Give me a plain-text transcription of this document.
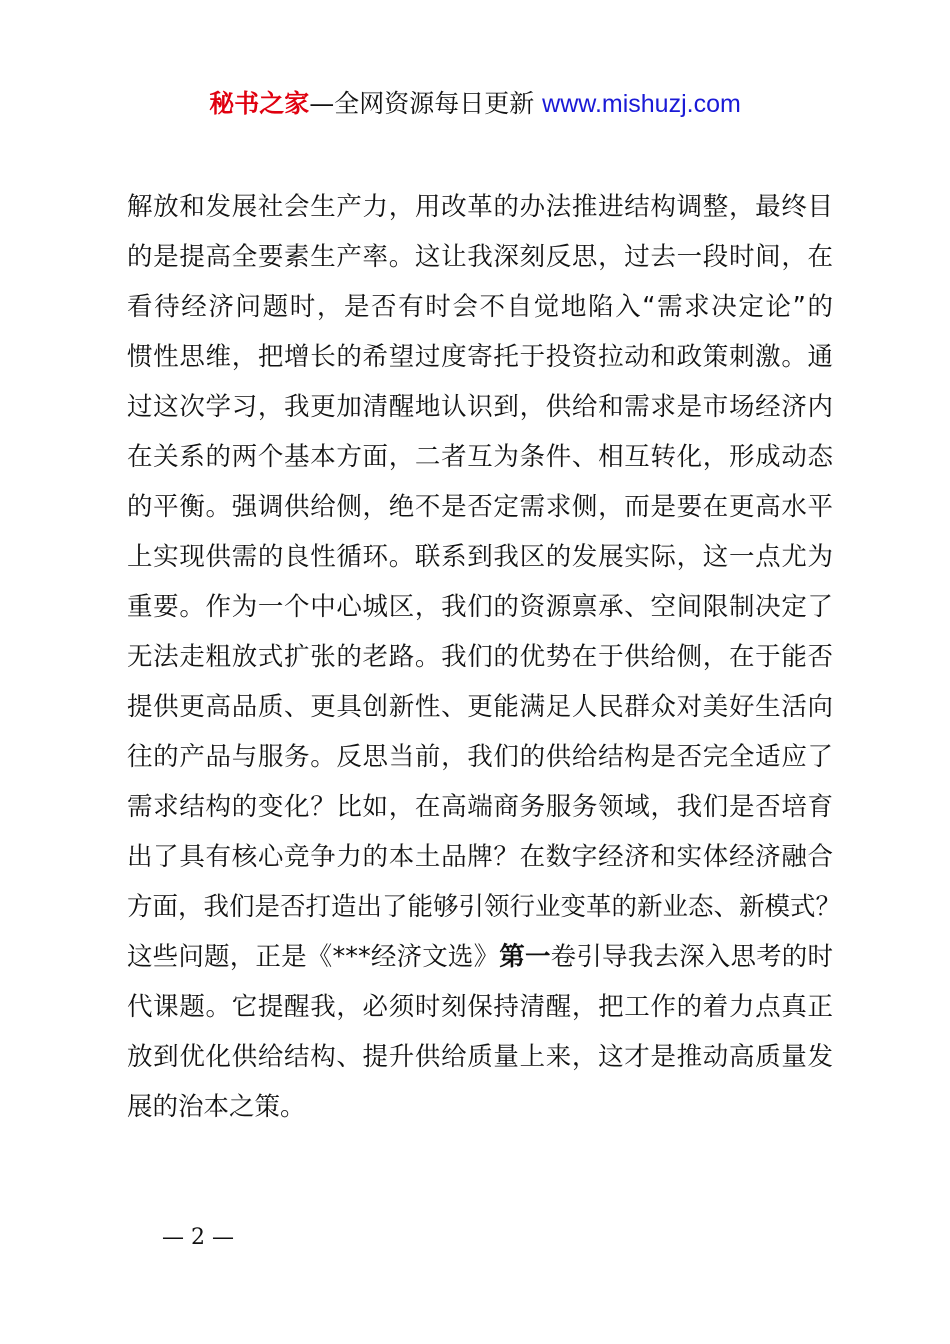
秘书之家—全网资源每日更新 www.mishuzj.com
解放和发展社会生产力，用改革的办法推进结构调整，最终目
的是提高全要素生产率。这让我深刻反思，过去一段时间，在
看待经济问题时，是否有时会不自觉地陷入“需求决定论”的
惯性思维，把增长的希望过度寄托于投资拉动和政策刺激。通
过这次学习，我更加清醒地认识到，供给和需求是市场经济内
在关系的两个基本方面，二者互为条件、相互转化，形成动态
的平衡。强调供给侧，绝不是否定需求侧，而是要在更高水平
上实现供需的良性循环。联系到我区的发展实际，这一点尤为
重要。作为一个中心城区，我们的资源禀承、空间限制决定了
无法走粗放式扩张的老路。我们的优势在于供给侧，在于能否
提供更高品质、更具创新性、更能满足人民群众对美好生活向
往的产品与服务。反思当前，我们的供给结构是否完全适应了
需求结构的变化？比如，在高端商务服务领域，我们是否培育
出了具有核心竞争力的本土品牌？在数字经济和实体经济融合
方面，我们是否打造出了能够引领行业变革的新业态、新模式？
这些问题，正是《***经济文选》第一卷引导我去深入思考的时
代课题。它提醒我，必须时刻保持清醒，把工作的着力点真正
放到优化供给结构、提升供给质量上来，这才是推动高质量发
展的治本之策。
— 2 —
